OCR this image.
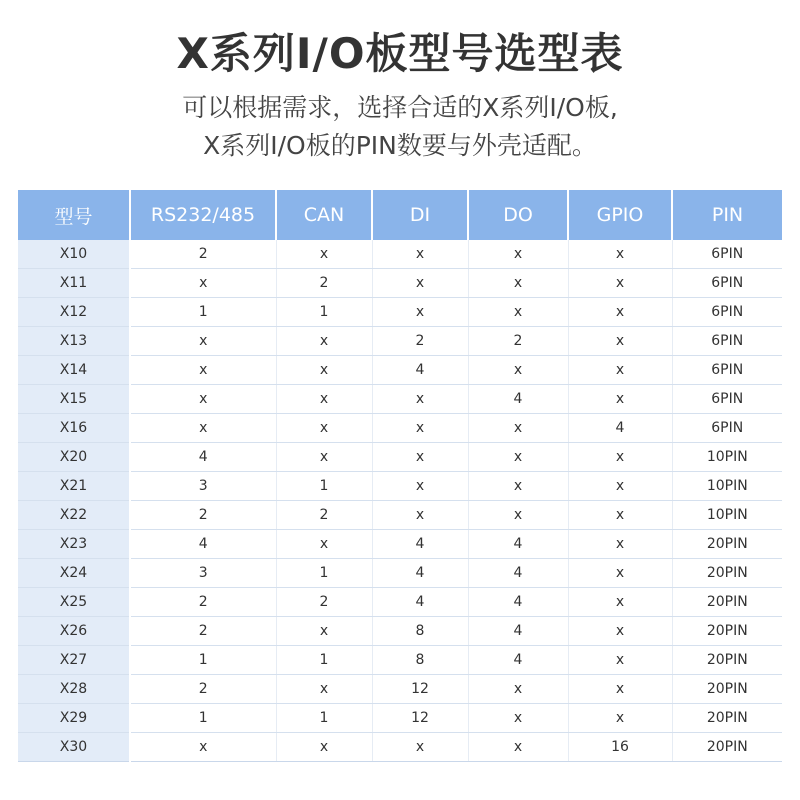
X系列I/O板型号选型表
可以根据需求，选择合适的X系列I/O板,
X系列I/O板的PIN数要与外壳适配。
型号	RS232/485	CAN	DI	DO	GPIO	PIN
X10	2	x	x	x	x	6PIN
X11	x	2	x	x	x	6PIN
X12	1	1	x	x	x	6PIN
X13	x	x	2	2	x	6PIN
X14	x	x	4	x	x	6PIN
X15	x	x	x	4	x	6PIN
X16	x	x	x	x	4	6PIN
X20	4	x	x	x	x	10PIN
X21	3	1	x	x	x	10PIN
X22	2	2	x	x	x	10PIN
X23	4	x	4	4	x	20PIN
X24	3	1	4	4	x	20PIN
X25	2	2	4	4	x	20PIN
X26	2	x	8	4	x	20PIN
X27	1	1	8	4	x	20PIN
X28	2	x	12	x	x	20PIN
X29	1	1	12	x	x	20PIN
X30	x	x	x	x	16	20PIN
